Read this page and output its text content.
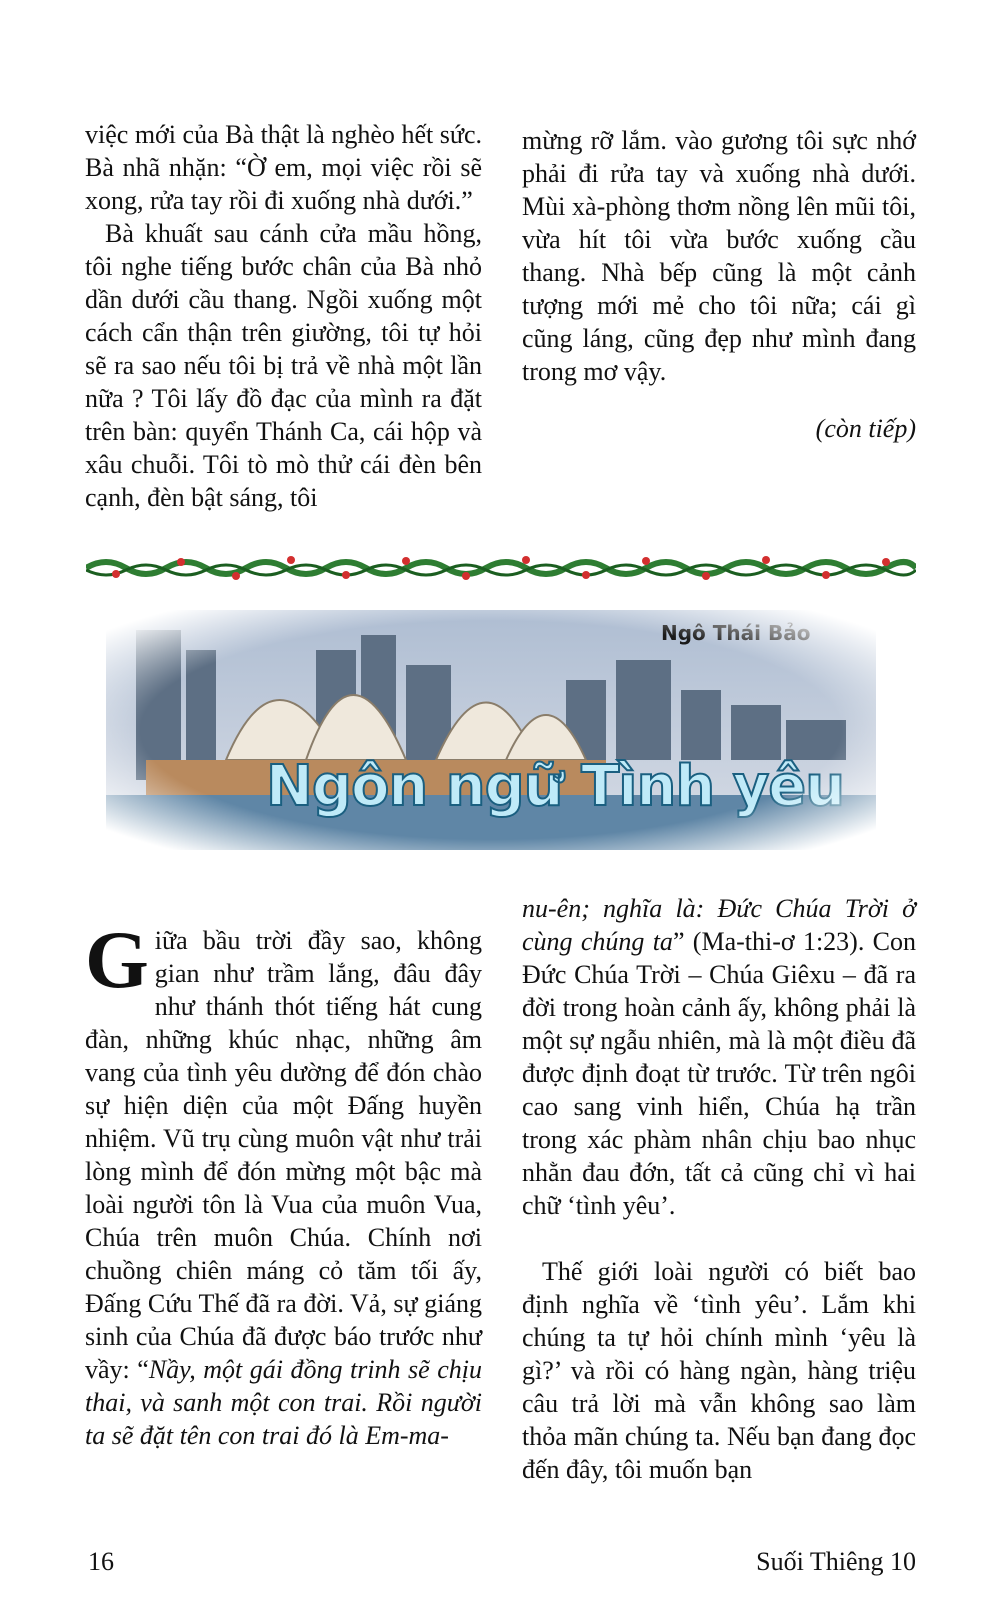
việc mới của Bà thật là nghèo hết sức. Bà nhã nhặn: “Ờ em, mọi việc rồi sẽ xong, rửa tay rồi đi xuống nhà dưới.”

Bà khuất sau cánh cửa mầu hồng, tôi nghe tiếng bước chân của Bà nhỏ dần dưới cầu thang. Ngồi xuống một cách cẩn thận trên giường, tôi tự hỏi sẽ ra sao nếu tôi bị trả về nhà một lần nữa ? Tôi lấy đồ đạc của mình ra đặt trên bàn: quyển Thánh Ca, cái hộp và xâu chuỗi. Tôi tò mò thử cái đèn bên cạnh, đèn bật sáng, tôi

mừng rỡ lắm. vào gương tôi sực nhớ phải đi rửa tay và xuống nhà dưới. Mùi xà-phòng thơm nồng lên mũi tôi, vừa hít tôi vừa bước xuống cầu thang. Nhà bếp cũng là một cảnh tượng mới mẻ cho tôi nữa; cái gì cũng láng, cũng đẹp như mình đang trong mơ vậy.

(còn tiếp)

Giữa bầu trời đầy sao, không gian như trầm lắng, đâu đây như thánh thót tiếng hát cung đàn, những khúc nhạc, những âm vang của tình yêu dường để đón chào sự hiện diện của một Đấng huyền nhiệm. Vũ trụ cùng muôn vật như trải lòng mình để đón mừng một bậc mà loài người tôn là Vua của muôn Vua, Chúa trên muôn Chúa. Chính nơi chuồng chiên máng cỏ tăm tối ấy, Đấng Cứu Thế đã ra đời. Vả, sự giáng sinh của Chúa đã được báo trước như vầy: “Nầy, một gái đồng trinh sẽ chịu thai, và sanh một con trai. Rồi người ta sẽ đặt tên con trai đó là Em-ma-

nu-ên; nghĩa là: Đức Chúa Trời ở cùng chúng ta” (Ma-thi-ơ 1:23). Con Đức Chúa Trời – Chúa Giêxu – đã ra đời trong hoàn cảnh ấy, không phải là một sự ngẫu nhiên, mà là một điều đã được định đoạt từ trước. Từ trên ngôi cao sang vinh hiển, Chúa hạ trần trong xác phàm nhân chịu bao nhục nhằn đau đớn, tất cả cũng chỉ vì hai chữ ‘tình yêu’.

Thế giới loài người có biết bao định nghĩa về ‘tình yêu’. Lắm khi chúng ta tự hỏi chính mình ‘yêu là gì?’ và rồi có hàng ngàn, hàng triệu câu trả lời mà vẫn không sao làm thỏa mãn chúng ta. Nếu bạn đang đọc đến đây, tôi muốn bạn

16	Suối Thiêng 10
